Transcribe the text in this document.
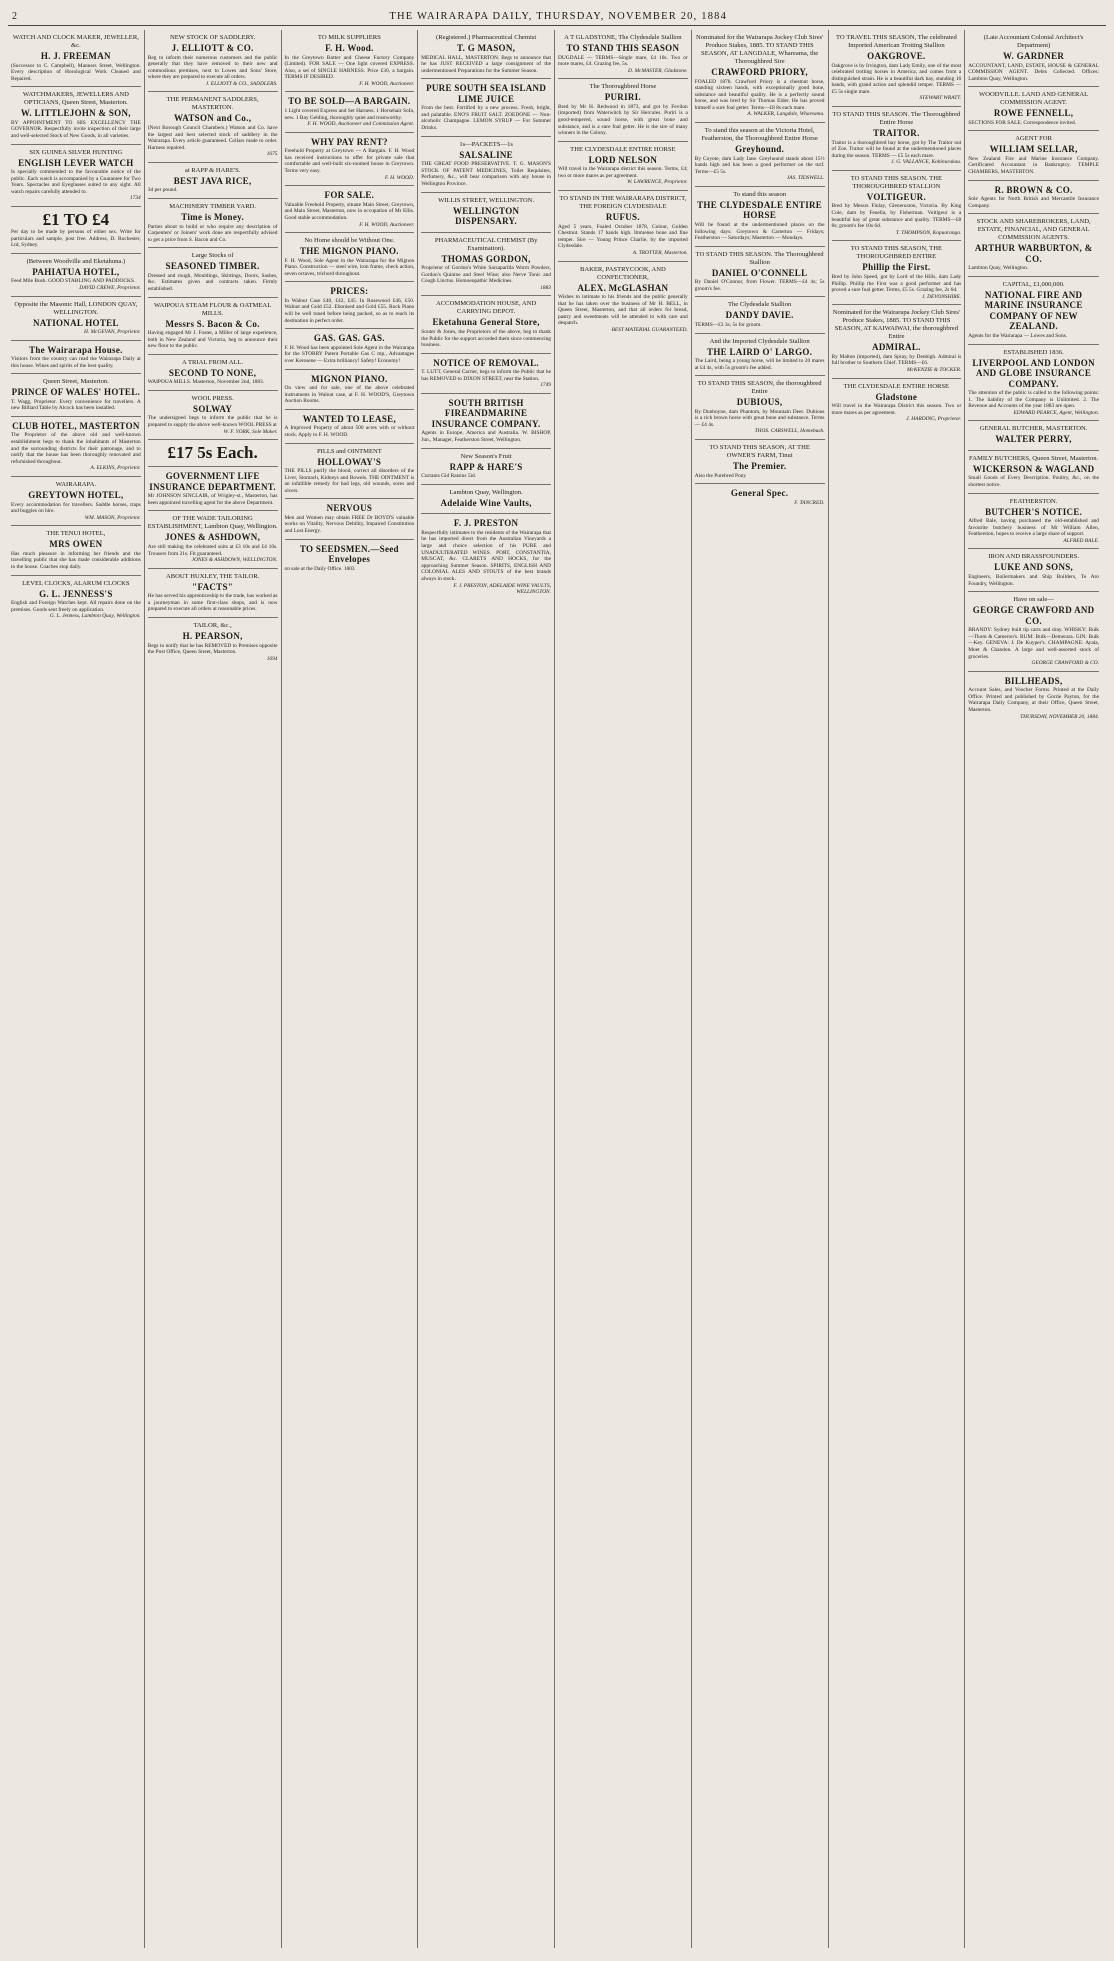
2	THE WAIRARAPA DAILY, THURSDAY, NOVEMBER 20, 1884

WATCH AND CLOCK MAKER, JEWELLER, &c.
H. J. FREEMAN
(Successor to C. Campbell), Manners Street, Wellington. Every description of Horological Work Cleaned and Repaired.
WATCHMAKERS, JEWELLERS AND OPTICIANS, Queen Street, Masterton.
W. LITTLEJOHN & SON,
BY APPOINTMENT TO HIS EXCELLENCY THE GOVERNOR. Respectfully invite inspection of their large and well-selected Stock of New Goods, in all varieties.
SIX GUINEA SILVER HUNTING
ENGLISH LEVER WATCH
Is specially commended to the favourable notice of the public. Each watch is accompanied by a Guarantee for Two Years. Spectacles and Eyeglasses suited to any sight. All watch repairs carefully attended to.
1734
£1 TO £4
Per day to be made by persons of either sex. Write for particulars and sample, post free. Address, D. Rochester, Ltd, Sydney.
(Between Woodville and Eketahuna.)
PAHIATUA HOTEL,
Feed Mile Bush. GOOD STABLING AND PADDOCKS.
DAVID CREWE, Proprietor.
Opposite the Masonic Hall, LONDON QUAY, WELLINGTON.
NATIONAL HOTEL
H. McGEVAN, Proprietor.
The Wairarapa House.
Visitors from the country can read the Wairarapa Daily at this house. Wines and spirits of the best quality.
Queen Street, Masterton.
PRINCE OF WALES' HOTEL.
T. Wagg, Proprietor. Every convenience for travellers. A new Billiard Table by Alcock has been installed.
CLUB HOTEL, MASTERTON
The Proprietor of the above old and well-known establishment begs to thank the inhabitants of Masterton and the surrounding districts for their patronage, and to notify that the house has been thoroughly renovated and refurnished throughout.
A. ELKINS, Proprietor.
WAIRARAPA.
GREYTOWN HOTEL,
Every accommodation for travellers. Saddle horses, traps and buggies on hire.
WM. MASON, Proprietor.
THE TENUI HOTEL,
MRS OWEN
Has much pleasure in informing her friends and the travelling public that she has made considerable additions to the house. Coaches stop daily.
LEVEL CLOCKS, ALARUM CLOCKS
G. L. JENNESS'S
English and Foreign Watches kept. All repairs done on the premises. Goods sent freely on application.
G. L. Jenness, Lambton Quay, Wellington.
NEW STOCK OF SADDLERY.
J. ELLIOTT & CO.
Beg to inform their numerous customers and the public generally that they have removed to their new and commodious premises, next to Lowes and Sons' Store, where they are prepared to execute all orders.
J. ELLIOTT & CO., SADDLERS.
THE PERMANENT SADDLERS, MASTERTON.
WATSON and Co.,
(Next Borough Council Chambers.) Watson and Co. have the largest and best selected stock of saddlery in the Wairarapa. Every article guaranteed. Collars made to order. Harness repaired.
1675
at RAPP & HARE'S.
BEST JAVA RICE,
3d per pound.
MACHINERY TIMBER YARD.
Time is Money.
Parties about to build or who require any description of Carpenters' or Joiners' work done are respectfully advised to get a price from S. Bacon and Co.
Large Stocks of
SEASONED TIMBER.
Dressed and rough, Mouldings, Skirtings, Doors, Sashes, &c. Estimates given and contracts taken. Firmly established.
WAIPOUA STEAM FLOUR & OATMEAL MILLS.
Messrs S. Bacon & Co.
Having engaged Mr J. Foster, a Miller of large experience, both in New Zealand and Victoria, beg to announce their new flour to the public.
A TRIAL FROM ALL.
SECOND TO NONE,
WAIPOUA MILLS. Masterton, November 2nd, 1883.
WOOL PRESS.
SOLWAY
The undersigned begs to inform the public that he is prepared to supply the above well-known WOOL PRESS at
W. F. YORK, Sole Maker.
£17 5s Each.
GOVERNMENT LIFE INSURANCE DEPARTMENT.
Mr JOHNSON SINCLAIR, of Wrigley-st., Masterton, has been appointed travelling agent for the above Department.
OF THE WADE TAILORING ESTABLISHMENT, Lambton Quay, Wellington.
JONES & ASHDOWN,
Are still making the celebrated suits at £3 10s and £4 10s. Trousers from 21s. Fit guaranteed.
JONES & ASHDOWN, WELLINGTON.
ABOUT HUXLEY, THE TAILOR.
"FACTS"
He has served his apprenticeship to the trade, has worked as a journeyman in some first-class shops, and is now prepared to execute all orders at reasonable prices.
TAILOR, &c.,
H. PEARSON,
Begs to notify that he has REMOVED to Premises opposite the Post Office, Queen Street, Masterton.
1694
TO MILK SUPPLIERS
F. H. Wood.
In the Greytown Butter and Cheese Factory Company (Limited). FOR SALE — One light covered EXPRESS. Also, a set of SINGLE HARNESS. Price £30, a bargain. TERMS IF DESIRED.
F. H. WOOD, Auctioneer.
TO BE SOLD—A BARGAIN.
1 Light covered Express and Set Harness. 1 Horsehair Sofa, new. 1 Bay Gelding, thoroughly quiet and trustworthy.
F. H. WOOD, Auctioneer and Commission Agent.
WHY PAY RENT?
Freehold Property at Greytown — A Bargain. F. H. Wood has received instructions to offer for private sale that comfortable and well-built six-roomed house in Greytown. Terms very easy.
F. H. WOOD.
FOR SALE.
Valuable Freehold Property, situate Main Street, Greytown, and Main Street, Masterton, now in occupation of Mr Ellis. Good stable accommodation.
F. H. WOOD, Auctioneer.
No Home should be Without One.
THE MIGNON PIANO.
F. H. Wood, Sole Agent in the Wairarapa for the Mignon Piano. Construction — steel wire, iron frame, check action, seven octaves, trichord throughout.
PRICES:
In Walnut Case £40, £42, £45. In Rosewood £46, £50. Walnut and Gold £52. Ebonised and Gold £55. Rock Piano will be well tuned before being packed, so as to reach its destination in perfect order.
GAS. GAS. GAS.
F. H. Wood has been appointed Sole Agent in the Wairarapa for the STORRY Patent Portable Gas C mp., Advantages over Kerosene — Extra brilliancy! Safety! Economy!
MIGNON PIANO.
On view and for sale, one of the above celebrated instruments in Walnut case, at F. H. WOOD'S, Greytown Auction Rooms.
WANTED TO LEASE,
A Improved Property of about 500 acres with or without stock. Apply to F. H. WOOD.
PILLS and OINTMENT
HOLLOWAY'S
THE PILLS purify the blood, correct all disorders of the Liver, Stomach, Kidneys and Bowels. THE OINTMENT is an infallible remedy for bad legs, old wounds, sores and ulcers.
NERVOUS
Men and Women may obtain FREE Dr BOYD'S valuable works on Vitality, Nervous Debility, Impaired Constitution and Lost Energy.
TO SEEDSMEN.—Seed Envelopes
on sale at the Daily Office. 1803
(Registered.) Pharmaceutical Chemist
T. G MASON,
MEDICAL HALL, MASTERTON. Begs to announce that he has JUST RECEIVED a large consignment of the undermentioned Preparations for the Summer Season.
PURE SOUTH SEA ISLAND LIME JUICE
From the best. Fortified by a new process. Fresh, bright, and palatable. ENO'S FRUIT SALT. ZOEDONE — Non-alcoholic Champagne. LEMON SYRUP — For Summer Drinks.
1s—PACKETS—1s
SALSALINE
THE GREAT FOOD PRESERVATIVE. T. G. MASON'S STOCK OF PATENT MEDICINES, Toilet Requisites, Perfumery, &c., will bear comparison with any house in Wellington Province.
WILLIS STREET, WELLINGTON.
WELLINGTON DISPENSARY.
PHARMACEUTICAL CHEMIST (By Examination).
THOMAS GORDON,
Proprietor of Gordon's White Sarsaparilla Worm Powders, Gordon's Quinine and Steel Wine; also Nerve Tonic and Cough Linctus. Homoeopathic Medicines.
1883
ACCOMMODATION HOUSE, AND CARRYING DEPOT.
Eketahuna General Store,
Souter & Jones, the Proprietors of the above, beg to thank the Public for the support accorded them since commencing business.
NOTICE OF REMOVAL.
T. LUTT, General Carrier, begs to inform the Public that he has REMOVED to DIXON STREET, near the Station.
1749
SOUTH BRITISH FIREANDMARINE INSURANCE COMPANY.
Agents in Europe, America and Australia. W. BISHOP, Jun., Manager, Featherston Street, Wellington.
New Season's Fruit
RAPP & HARE'S
Currants Gid Raisins 5id.
Lambton Quay, Wellington.
Adelaide Wine Vaults,
F. J. PRESTON
Respectfully intimates to the residents of the Wairarapa that he has imported direct from the Australian Vineyards a large and choice selection of his PURE and UNADULTERATED WINES. PORT, CONSTANTIA, MUSCAT, &c. CLARETS AND HOCKS, for the approaching Summer Season. SPIRITS, ENGLISH AND COLONIAL ALES AND STOUTS of the best brands always in stock.
F. J. PRESTON, ADELAIDE WINE VAULTS, WELLINGTON.
A T GLADSTONE, The Clydesdale Stallion
TO STAND THIS SEASON
DUGDALE — TERMS—Single mare, £4 10s. Two or more mares, £4. Grazing fee, 5s.
D. McMASTER, Gladstone.
The Thoroughbred Horse
PURIRI.
Bred by Mr H. Redwood in 1873, and got by Fevilon (imported) from Waterwitch by Sir Hercules. Puriri is a good-tempered, sound horse, with great bone and substance, and is a sure foal getter. He is the sire of many winners in the Colony.
THE CLYDESDALE ENTIRE HORSE
LORD NELSON
Will travel in the Wairarapa district this season. Terms, £4; two or more mares as per agreement.
W. LAWRENCE, Proprietor.
TO STAND IN THE WAIRARAPA DISTRICT, THE FOREIGN CLYDESDALE
RUFUS.
Aged 5 years, Foaled October 1878, Colour, Golden Chestnut. Stands 17 hands high. Immense bone and fine temper. Sire — Young Prince Charlie, by the imported Clydesdale.
A. TROTTER, Masterton.
BAKER, PASTRYCOOK, AND CONFECTIONER,
ALEX. McGLASHAN
Wishes to intimate to his friends and the public generally that he has taken over the business of Mr H. BELL, in Queen Street, Masterton, and that all orders for bread, pastry and sweetmeats will be attended to with care and despatch.
BEST MATERIAL GUARANTEED.
Nominated for the Wairarapa Jockey Club Sires' Produce Stakes, 1885. TO STAND THIS SEASON, AT LANGDALE, Whareama, the Thoroughbred Sire
CRAWFORD PRIORY,
FOALED 1878. Crawford Priory is a chestnut horse, standing sixteen hands, with exceptionally good bone, substance and beautiful quality. He is a perfectly sound horse, and was bred by Sir Thomas Elder. He has proved himself a sure foal getter. Terms—£8 8s each mare.
A. WALKER, Langdale, Whareama.
To stand this season at the Victoria Hotel, Featherston, the Thoroughbred Entire Horse
Greyhound.
By Coyote, dam Lady Jane. Greyhound stands about 15½ hands high and has been a good performer on the turf. Terms—£5 5s.
JAS. TIDSWELL.
To stand this season
THE CLYDESDALE ENTIRE HORSE
Will be found at the undermentioned places on the following days: Greytown & Carterton — Fridays; Featherston — Saturdays; Masterton — Mondays.
TO STAND THIS SEASON. The Thoroughbred Stallion
DANIEL O'CONNELL
By Daniel O'Connor, from Flower. TERMS—£4 4s; 5s groom's fee.
The Clydesdale Stallion
DANDY DAVIE.
TERMS—£3 3s; 5s for groom.
And the Imported Clydesdale Stallion
THE LAIRD O' LARGO.
The Laird, being a young horse, will be limited to 20 mares at £4 4s, with 5s groom's fee added.
TO STAND THIS SEASON, the thoroughbred Entire
DUBIOUS,
By Dunboyne, dam Phantom, by Mountain Deer. Dubious is a rich brown horse with great bone and substance. Terms — £4 4s.
THOS. CARSWELL, Homebush.
TO STAND THIS SEASON, AT THE OWNER'S FARM, Tinui
The Premier.
Also the Purebred Pony
General Spec.
F. TANCRED.
TO TRAVEL THIS SEASON, The celebrated Imported American Trotting Stallion
OAKGROVE.
Oakgrove is by Irvington, dam Lady Emily, one of the most celebrated trotting horses in America, and comes from a distinguished strain. He is a beautiful dark bay, standing 16 hands, with grand action and splendid temper. TERMS — £5 5s single mare.
STEWART WRATT.
TO STAND THIS SEASON. The Thoroughbred Entire Horse
TRAITOR.
Traitor is a thoroughbred bay horse, got by The Traitor out of Zoe. Traitor will be found at the undermentioned places during the season. TERMS — £5 5s each mare.
J. G. VALLANCE, Kohinurakau.
TO STAND THIS SEASON. THE THOROUGHBRED STALLION
VOLTIGEUR.
Bred by Messrs Finlay, Gleneruston, Victoria. By King Cole, dam by Fenella, by Fisherman. Voltigeur is a beautiful bay of great substance and quality. TERMS—£8 8s; groom's fee 10s 6d.
T. THOMPSON, Kopuaranga.
TO STAND THIS SEASON, THE THOROUGHBRED ENTIRE
Phillip the First.
Bred by John Speed, got by Lord of the Hills, dam Lady Phillip. Phillip the First was a good performer and has proved a sure foal getter. Terms, £5 5s. Grazing fee, 2s 6d.
J. DEVONSHIRE.
Nominated for the Wairarapa Jockey Club Sires' Produce Stakes, 1885. TO STAND THIS SEASON, AT KAIWAIWAI, the thoroughbred Entire
ADMIRAL.
By Malton (imported), dam Spray, by Denbigh. Admiral is full brother to Southern Chief. TERMS—£6.
McKENZIE & TOCKER.
THE CLYDESDALE ENTIRE HORSE
Gladstone
Will travel in the Wairarapa District this season. Two or more mares as per agreement.
J. HARDING, Proprietor.
(Late Accountant Colonial Architect's Department)
W. GARDNER
ACCOUNTANT, LAND, ESTATE, HOUSE & GENERAL COMMISSION AGENT. Debts Collected. Offices: Lambton Quay, Wellington.
WOODVILLE. LAND AND GENERAL COMMISSION AGENT.
ROWE FENNELL,
SECTIONS FOR SALE. Correspondence invited.
AGENT FOR
WILLIAM SELLAR,
New Zealand Fire and Marine Insurance Company. Certificated Accountant in Bankruptcy. TEMPLE CHAMBERS, MASTERTON.
R. BROWN & CO.
Sole Agents for North British and Mercantile Insurance Company.
STOCK AND SHAREBROKERS, LAND, ESTATE, FINANCIAL, AND GENERAL COMMISSION AGENTS.
ARTHUR WARBURTON, & CO.
Lambton Quay, Wellington.
CAPITAL, £1,000,000.
NATIONAL FIRE AND MARINE INSURANCE COMPANY OF NEW ZEALAND.
Agents for the Wairarapa — Lowes and Sons.
ESTABLISHED 1836.
LIVERPOOL AND LONDON AND GLOBE INSURANCE COMPANY.
The attention of the public is called to the following points: 1. The liability of the Company is Unlimited. 2. The Revenue and Accounts of the year 1883 are open.
EDWARD PEARCE, Agent, Wellington.
GENERAL BUTCHER, MASTERTON.
WALTER PERRY,
FAMILY BUTCHERS, Queen Street, Masterton.
WICKERSON & WAGLAND
Small Goods of Every Description. Poultry, &c., on the shortest notice.
FEATHERSTON.
BUTCHER'S NOTICE.
Alfred Bale, having purchased the old-established and favourite butchery business of Mr William Allen, Featherston, hopes to receive a large share of support.
ALFRED BALE.
IRON AND BRASSFOUNDERS.
LUKE AND SONS,
Engineers, Boilermakers and Ship Builders, Te Aro Foundry, Wellington.
Have on sale—
GEORGE CRAWFORD AND CO.
BRANDY: Sydney built tip carts and dray. WHISKY: Bulk—Thom & Cameron's. RUM: Bulk—Demerara. GIN: Bulk—Key. GENEVA: J. De Kuyper's. CHAMPAGNE: Ayala, Moet & Chandon. A large and well-assorted stock of groceries.
GEORGE CRAWFORD & CO.
BILLHEADS,
Account Sales, and Voucher Forms. Printed at the Daily Office. Printed and published by Gorrie Payton, for the Wairarapa Daily Company, at their Office, Queen Street, Masterton.
THURSDAY, NOVEMBER 20, 1884.
